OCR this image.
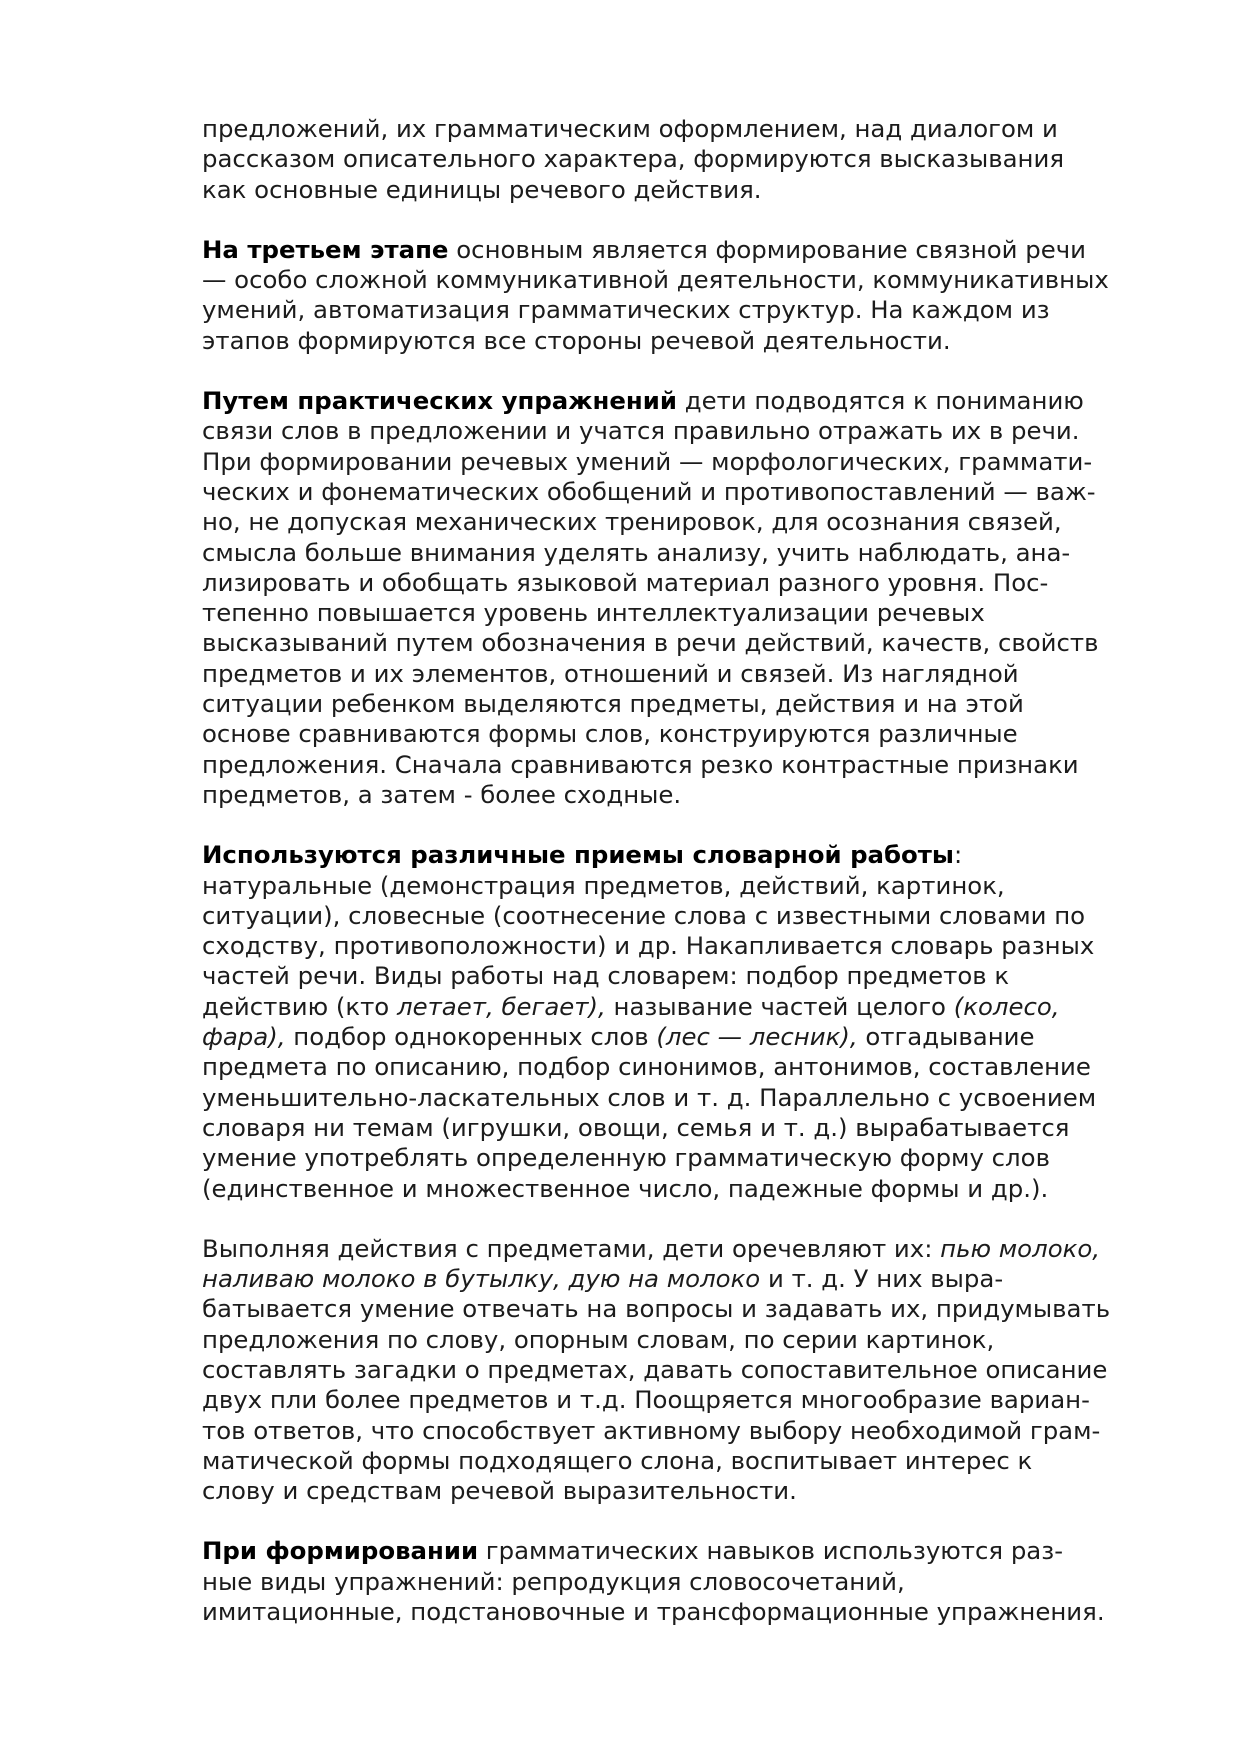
предложений, их грамматическим оформлением, над диалогом и
рассказом описательного характера, формируются высказывания
как основные единицы речевого действия.
На третьем этапе основным является формирование связной речи
— особо сложной коммуникативной деятельности, коммуникативных
умений, автоматизация грамматических структур. На каждом из
этапов формируются все стороны речевой деятельности.
Путем практических упражнений дети подводятся к пониманию
связи слов в предложении и учатся правильно отражать их в речи.
При формировании речевых умений — морфологических, граммати-
ческих и фонематических обобщений и противопоставлений — важ-
но, не допуская механических тренировок, для осознания связей,
смысла больше внимания уделять анализу, учить наблюдать, ана-
лизировать и обобщать языковой материал разного уровня. Пос-
тепенно повышается уровень интеллектуализации речевых
высказываний путем обозначения в речи действий, качеств, свойств
предметов и их элементов, отношений и связей. Из наглядной
ситуации ребенком выделяются предметы, действия и на этой
основе сравниваются формы слов, конструируются различные
предложения. Сначала сравниваются резко контрастные признаки
предметов, а затем - более сходные.
Используются различные приемы словарной работы:
натуральные (демонстрация предметов, действий, картинок,
ситуации), словесные (соотнесение слова с известными словами по
сходству, противоположности) и др. Накапливается словарь разных
частей речи. Виды работы над словарем: подбор предметов к
действию (кто летает, бегает), называние частей целого (колесо,
фара), подбор однокоренных слов (лес — лесник), отгадывание
предмета по описанию, подбор синонимов, антонимов, составление
уменьшительно-ласкательных слов и т. д. Параллельно с усвоением
словаря ни темам (игрушки, овощи, семья и т. д.) вырабатывается
умение употреблять определенную грамматическую форму слов
(единственное и множественное число, падежные формы и др.).
Выполняя действия с предметами, дети оречевляют их: пью молоко,
наливаю молоко в бутылку, дую на молоко и т. д. У них выра-
батывается умение отвечать на вопросы и задавать их, придумывать
предложения по слову, опорным словам, по серии картинок,
составлять загадки о предметах, давать сопоставительное описание
двух пли более предметов и т.д. Поощряется многообразие вариан-
тов ответов, что способствует активному выбору необходимой грам-
матической формы подходящего слона, воспитывает интерес к
слову и средствам речевой выразительности.
При формировании грамматических навыков используются раз-
ные виды упражнений: репродукция словосочетаний,
имитационные, подстановочные и трансформационные упражнения.
